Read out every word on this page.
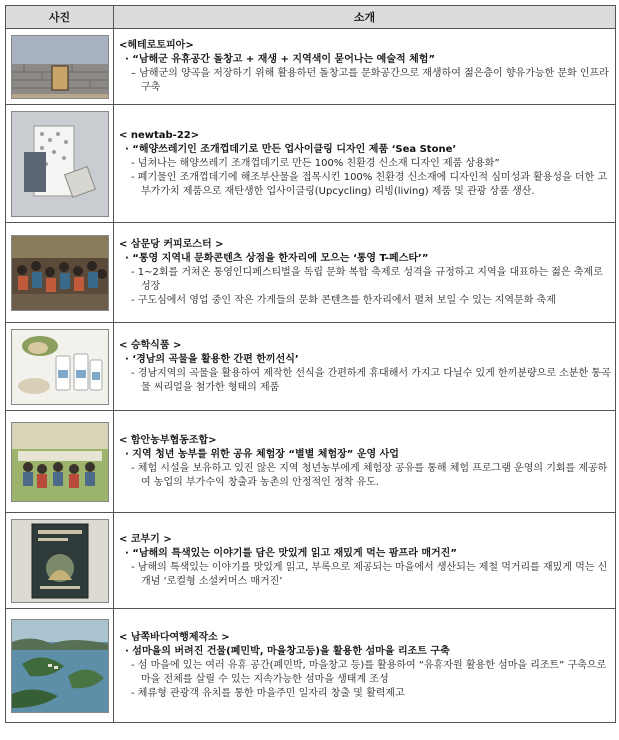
사진	소개

<헤테로토피아>
· “남해군 유휴공간 돌창고 + 재생 + 지역색이 묻어나는 예술적 체험”
– 남해군의 양곡을 저장하기 위해 활용하던 돌창고를 문화공간으로 재생하여 젊은층이 향유가능한 문화 인프라 구축

< newtab-22>
· “해양쓰레기인 조개껍데기로 만든 업사이클링 디자인 제품 ‘Sea Stone’
- 넘쳐나는 해양쓰레기 조개껍데기로 만든 100% 친환경 신소재 디자인 제품 상용화”
- 폐기물인 조개껍데기에 해조부산물을 접목시킨 100% 친환경 신소재에 디자인적 심미성과 활용성을 더한 고부가가치 제품으로 재탄생한 업사이클링(Upcycling) 리빙(living) 제품 및 관광 상품 생산.

< 삼문당 커피로스터 >
· “통영 지역내 문화콘텐츠 상점을 한자리에 모으는 ‘통영 T-페스타’”
- 1~2회를 거쳐온 통영인디페스티벌을 독립 문화 복합 축제로 성격을 규정하고 지역을 대표하는 젊은 축제로 성장
- 구도심에서 영업 중인 작은 가게들의 문화 콘텐츠를 한자리에서 펼쳐 보일 수 있는 지역문화 축제

< 승학식품 >
· ‘경남의 곡물을 활용한 간편 한끼선식’
- 경남지역의 곡물을 활용하여 제작한 선식을 간편하게 휴대해서 가지고 다닐수 있게 한끼분량으로 소분한 통곡물 씨리얼을 첨가한 형태의 제품

< 함안농부협동조합>
· 지역 청년 농부를 위한 공유 체험장 “별별 체험장” 운영 사업
- 체험 시설을 보유하고 있진 않은 지역 청년농부에게 체험장 공유를 통해 체험 프로그램 운영의 기회를 제공하여 농업의 부가수익 창출과 농촌의 안정적인 정착 유도.

< 코부기 >
· “남해의 특색있는 이야기를 담은 맛있게 읽고 재밌게 먹는 팜프라 매거진”
- 남해의 특색있는 이야기를 맛있게 읽고, 부록으로 제공되는 마을에서 생산되는 제철 먹거리를 재밌게 먹는 신개념 ‘로컬형 소셜커머스 매거진’

< 남쪽바다여행제작소 >
· 섬마을의 버려진 건물(폐민박, 마을창고등)을 활용한 섬마을 리조트 구축
- 섬 마을에 있는 여러 유휴 공간(폐민박, 마을창고 등)를 활용하여 “유휴자원 활용한 섬마을 리조트” 구축으로 마을 전체를 살릴 수 있는 지속가능한 섬마을 생태계 조성
- 체류형 관광객 유치를 통한 마을주민 일자리 창출 및 활력제고
